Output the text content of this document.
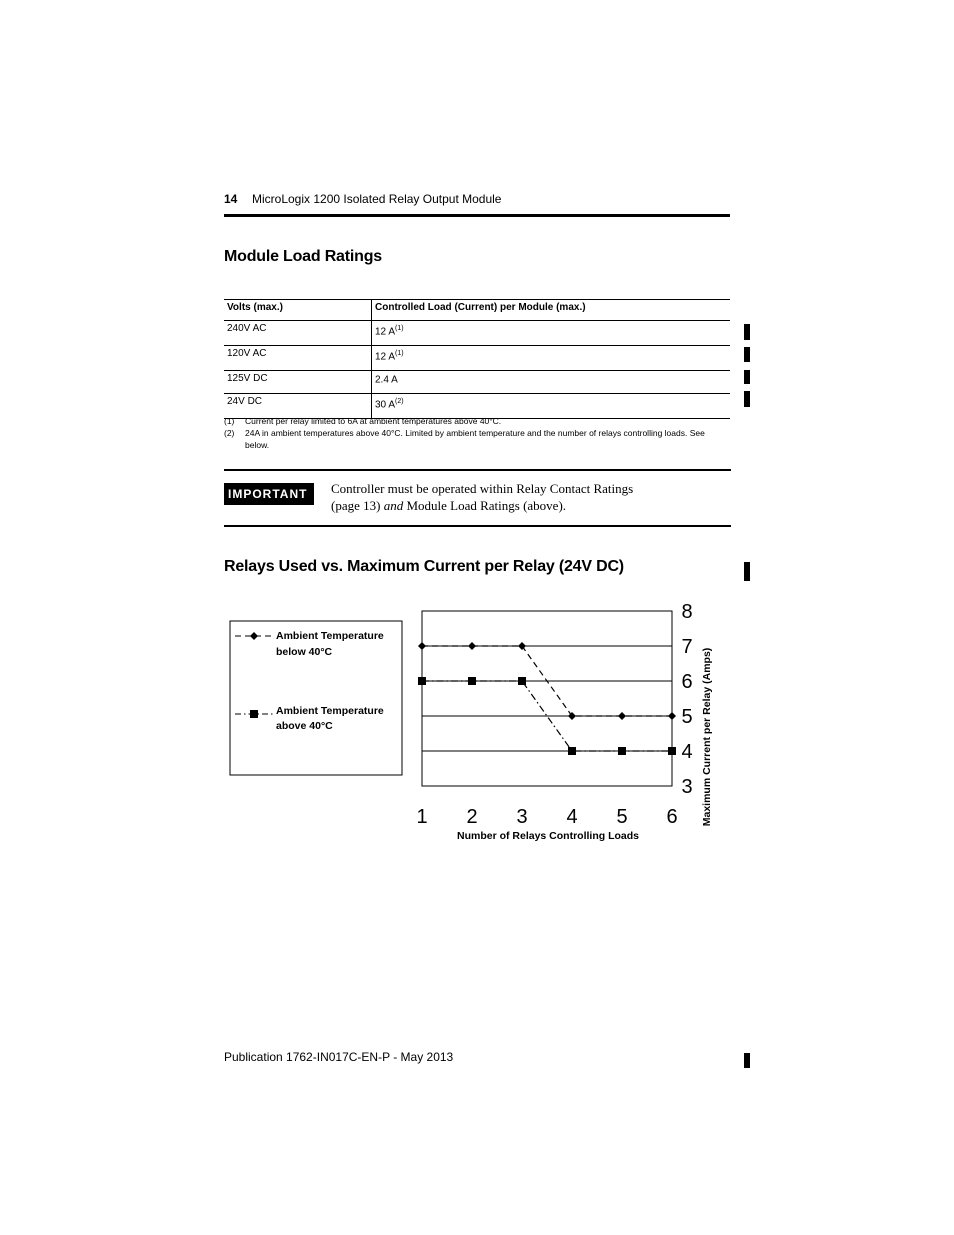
14 MicroLogix 1200 Isolated Relay Output Module
Module Load Ratings
Volts (max.)	Controlled Load (Current) per Module (max.)
240V AC	12 $A^{(1)}$
120V AC	12 $A^{(1)}$
125V DC	2.4 A
24V DC	30 $A^{(2)}$
(1) Current per relay limited to 6A at ambient temperatures above 40°C.
(2) 24A in ambient temperatures above 40°C. Limited by ambient temperature and the number of relays controlling loads. See below.
IMPORTANT	Controller must be operated within Relay Contact Ratings
(page 13) and Module Load Ratings (above).
Relays Used vs. Maximum Current per Relay (24V DC)
Ambient Temperature
below 40°C
Ambient Temperature
above 40°C
1 2 3 4 5 6
3
4
5
6
7
8
Number of Relays Controlling Loads
Maximum Current per Relay (Amps)
Publication 1762-IN017C-EN-P - May 2013
